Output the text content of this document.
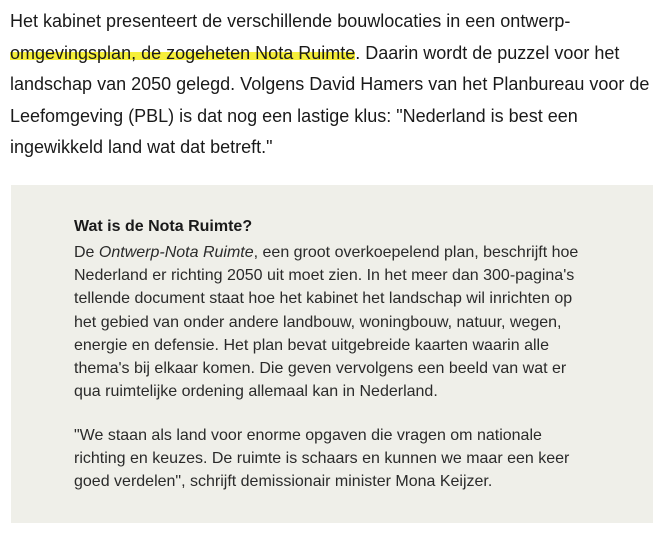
Het kabinet presenteert de verschillende bouwlocaties in een ontwerp-omgevingsplan, de zogeheten Nota Ruimte. Daarin wordt de puzzel voor het landschap van 2050 gelegd. Volgens David Hamers van het Planbureau voor de Leefomgeving (PBL) is dat nog een lastige klus: "Nederland is best een ingewikkeld land wat dat betreft."

Wat is de Nota Ruimte?

De Ontwerp-Nota Ruimte, een groot overkoepelend plan, beschrijft hoe Nederland er richting 2050 uit moet zien. In het meer dan 300-pagina's tellende document staat hoe het kabinet het landschap wil inrichten op het gebied van onder andere landbouw, woningbouw, natuur, wegen, energie en defensie. Het plan bevat uitgebreide kaarten waarin alle thema's bij elkaar komen. Die geven vervolgens een beeld van wat er qua ruimtelijke ordening allemaal kan in Nederland.

"We staan als land voor enorme opgaven die vragen om nationale richting en keuzes. De ruimte is schaars en kunnen we maar een keer goed verdelen", schrijft demissionair minister Mona Keijzer.
